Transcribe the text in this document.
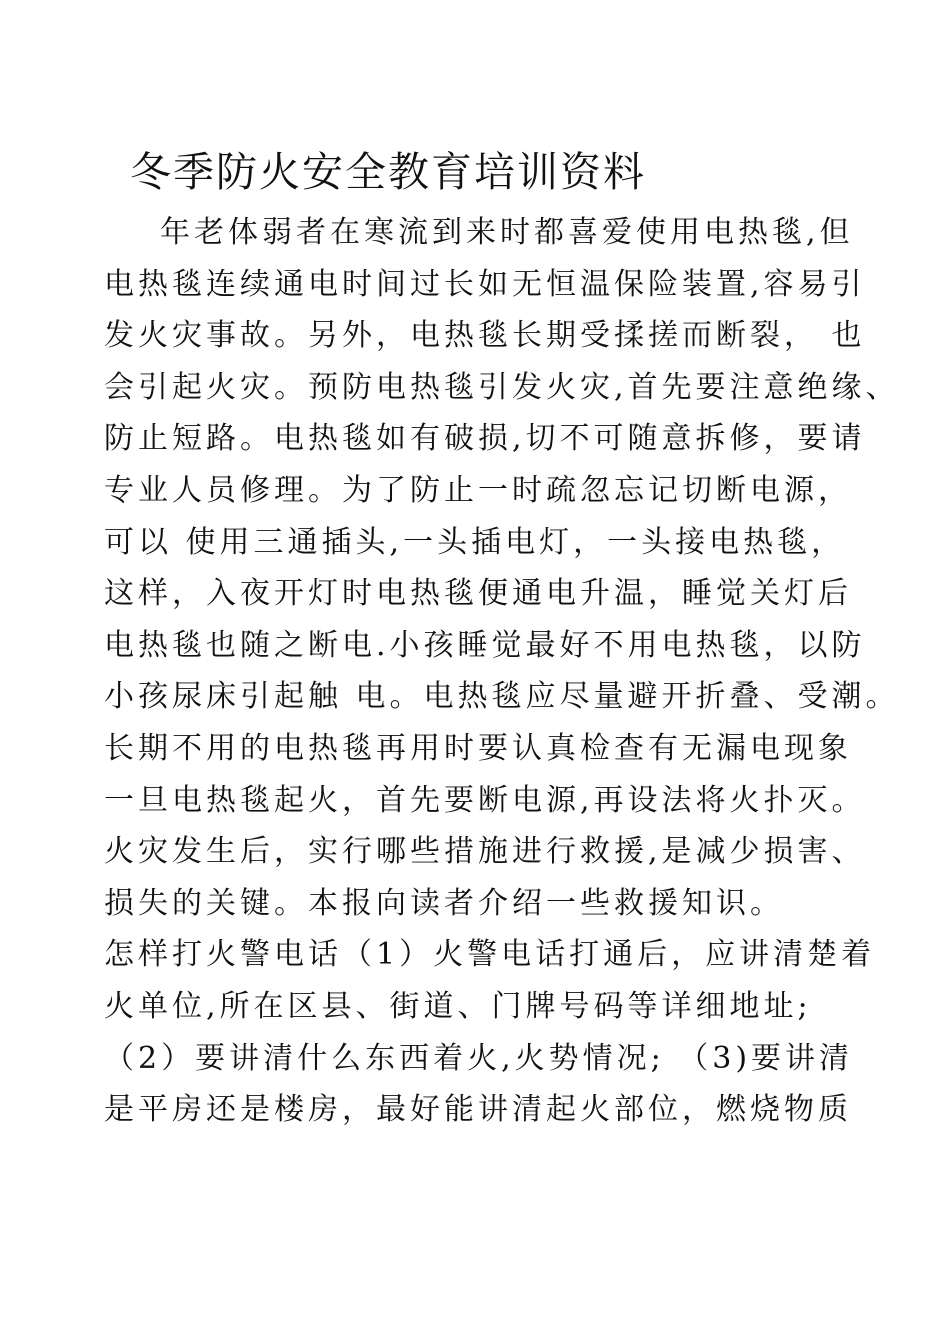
冬季防火安全教育培训资料
年老体弱者在寒流到来时都喜爱使用电热毯,但
电热毯连续通电时间过长如无恒温保险装置,容易引
发火灾事故。另外，电热毯长期受揉搓而断裂， 也
会引起火灾。预防电热毯引发火灾,首先要注意绝缘、
防止短路。电热毯如有破损,切不可随意拆修，要请
专业人员修理。为了防止一时疏忽忘记切断电源，
可以 使用三通插头,一头插电灯，一头接电热毯，
这样，入夜开灯时电热毯便通电升温，睡觉关灯后
电热毯也随之断电.小孩睡觉最好不用电热毯，以防
小孩尿床引起触 电。电热毯应尽量避开折叠、受潮。
长期不用的电热毯再用时要认真检查有无漏电现象
一旦电热毯起火，首先要断电源,再设法将火扑灭。
火灾发生后，实行哪些措施进行救援,是减少损害、
损失的关键。本报向读者介绍一些救援知识。
怎样打火警电话（1）火警电话打通后，应讲清楚着
火单位,所在区县、街道、门牌号码等详细地址;
（2）要讲清什么东西着火,火势情况; （3)要讲清
是平房还是楼房，最好能讲清起火部位，燃烧物质
